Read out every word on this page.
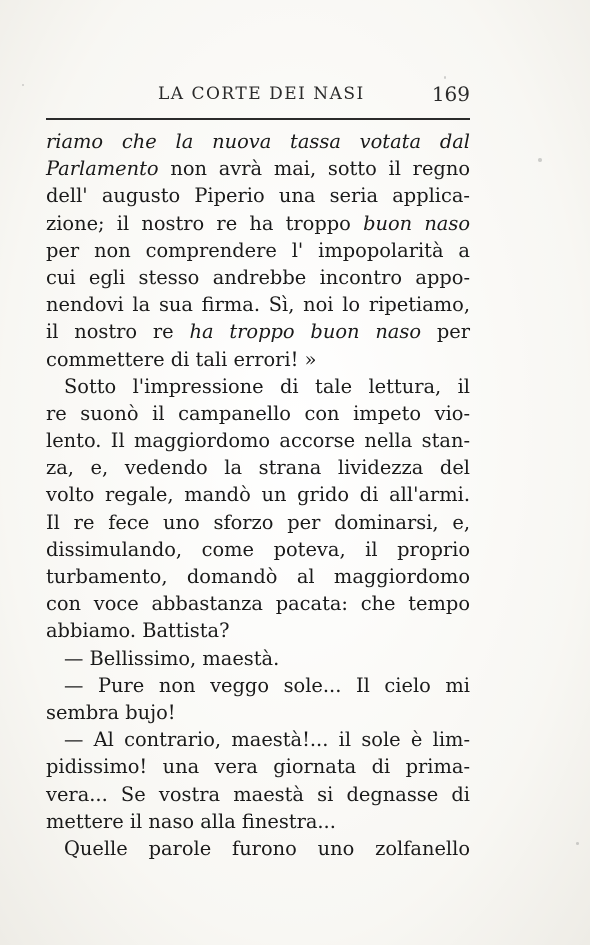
LA CORTE DEI NASI	169
riamo che la nuova tassa votata dal
Parlamento non avrà mai, sotto il regno
dell' augusto Piperio una seria applica-
zione; il nostro re ha troppo buon naso
per non comprendere l' impopolarità a
cui egli stesso andrebbe incontro appo-
nendovi la sua firma. Sì, noi lo ripetiamo,
il nostro re ha troppo buon naso per
commettere di tali errori! »
Sotto l'impressione di tale lettura, il
re suonò il campanello con impeto vio-
lento. Il maggiordomo accorse nella stan-
za, e, vedendo la strana lividezza del
volto regale, mandò un grido di all'armi.
Il re fece uno sforzo per dominarsi, e,
dissimulando, come poteva, il proprio
turbamento, domandò al maggiordomo
con voce abbastanza pacata: che tempo
abbiamo. Battista?
— Bellissimo, maestà.
— Pure non veggo sole... Il cielo mi
sembra bujo!
— Al contrario, maestà!... il sole è lim-
pidissimo! una vera giornata di prima-
vera... Se vostra maestà si degnasse di
mettere il naso alla finestra...
Quelle parole furono uno zolfanello
